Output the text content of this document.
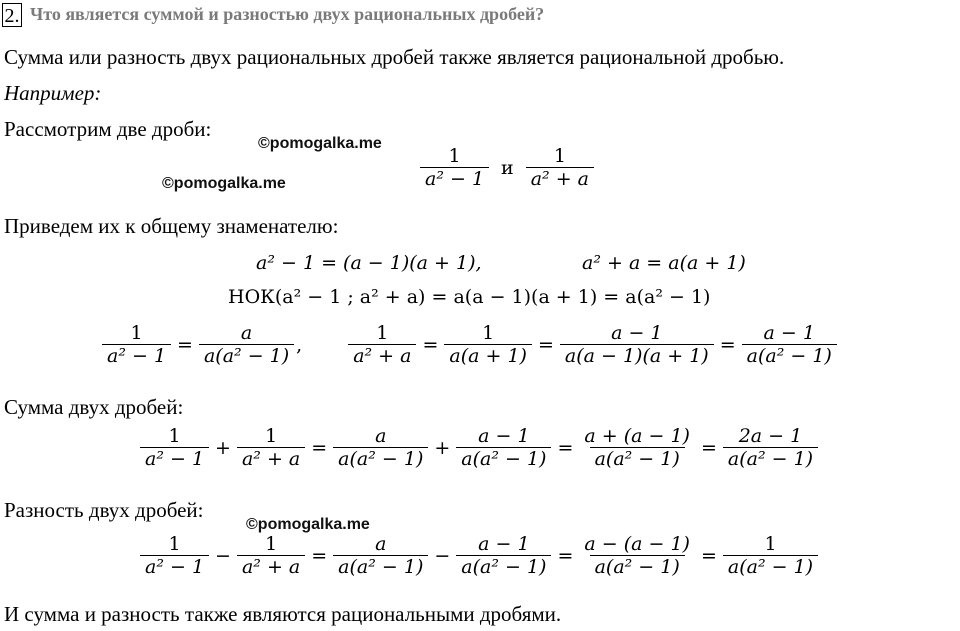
2. Что является суммой и разностью двух рациональных дробей?
Сумма или разность двух рациональных дробей также является рациональной дробью.
Например:
Рассмотрим две дроби:
©pomogalka.me
©pomogalka.me	$\frac{1}{\text{a² − 1}}$ и $\frac{1}{\text{a² + a}}$
Приведем их к общему знаменателю:
a² − 1 = (a − 1)(a + 1),	a² + a = a(a + 1)
НОК(a² − 1 ; a² + a) = a(a − 1)(a + 1) = a(a² − 1)
$\frac{1}{\text{a² − 1}} = \frac{a}{\text{a(a² − 1)}}$ ,	$\frac{1}{\text{a² + a}} = \frac{1}{a(a + 1)} = \frac{a - 1}{a(a - 1)(a + 1)} = \frac{a - 1}{\text{a(a² − 1)}}$
Сумма двух дробей:
$\frac{1}{\text{a² − 1}} + \frac{1}{\text{a² + a}} = \frac{a}{\text{a(a² − 1)}} + \frac{a - 1}{\text{a(a² − 1)}} = \frac{a + (a - 1)}{\text{a(a² − 1)}} = \frac{2a - 1}{\text{a(a² − 1)}}$
Разность двух дробей:
©pomogalka.me
$\frac{1}{\text{a² − 1}} - \frac{1}{\text{a² + a}} = \frac{a}{\text{a(a² − 1)}} - \frac{a - 1}{\text{a(a² − 1)}} = \frac{a - (a - 1)}{\text{a(a² − 1)}} = \frac{1}{\text{a(a² − 1)}}$
И сумма и разность также являются рациональными дробями.
